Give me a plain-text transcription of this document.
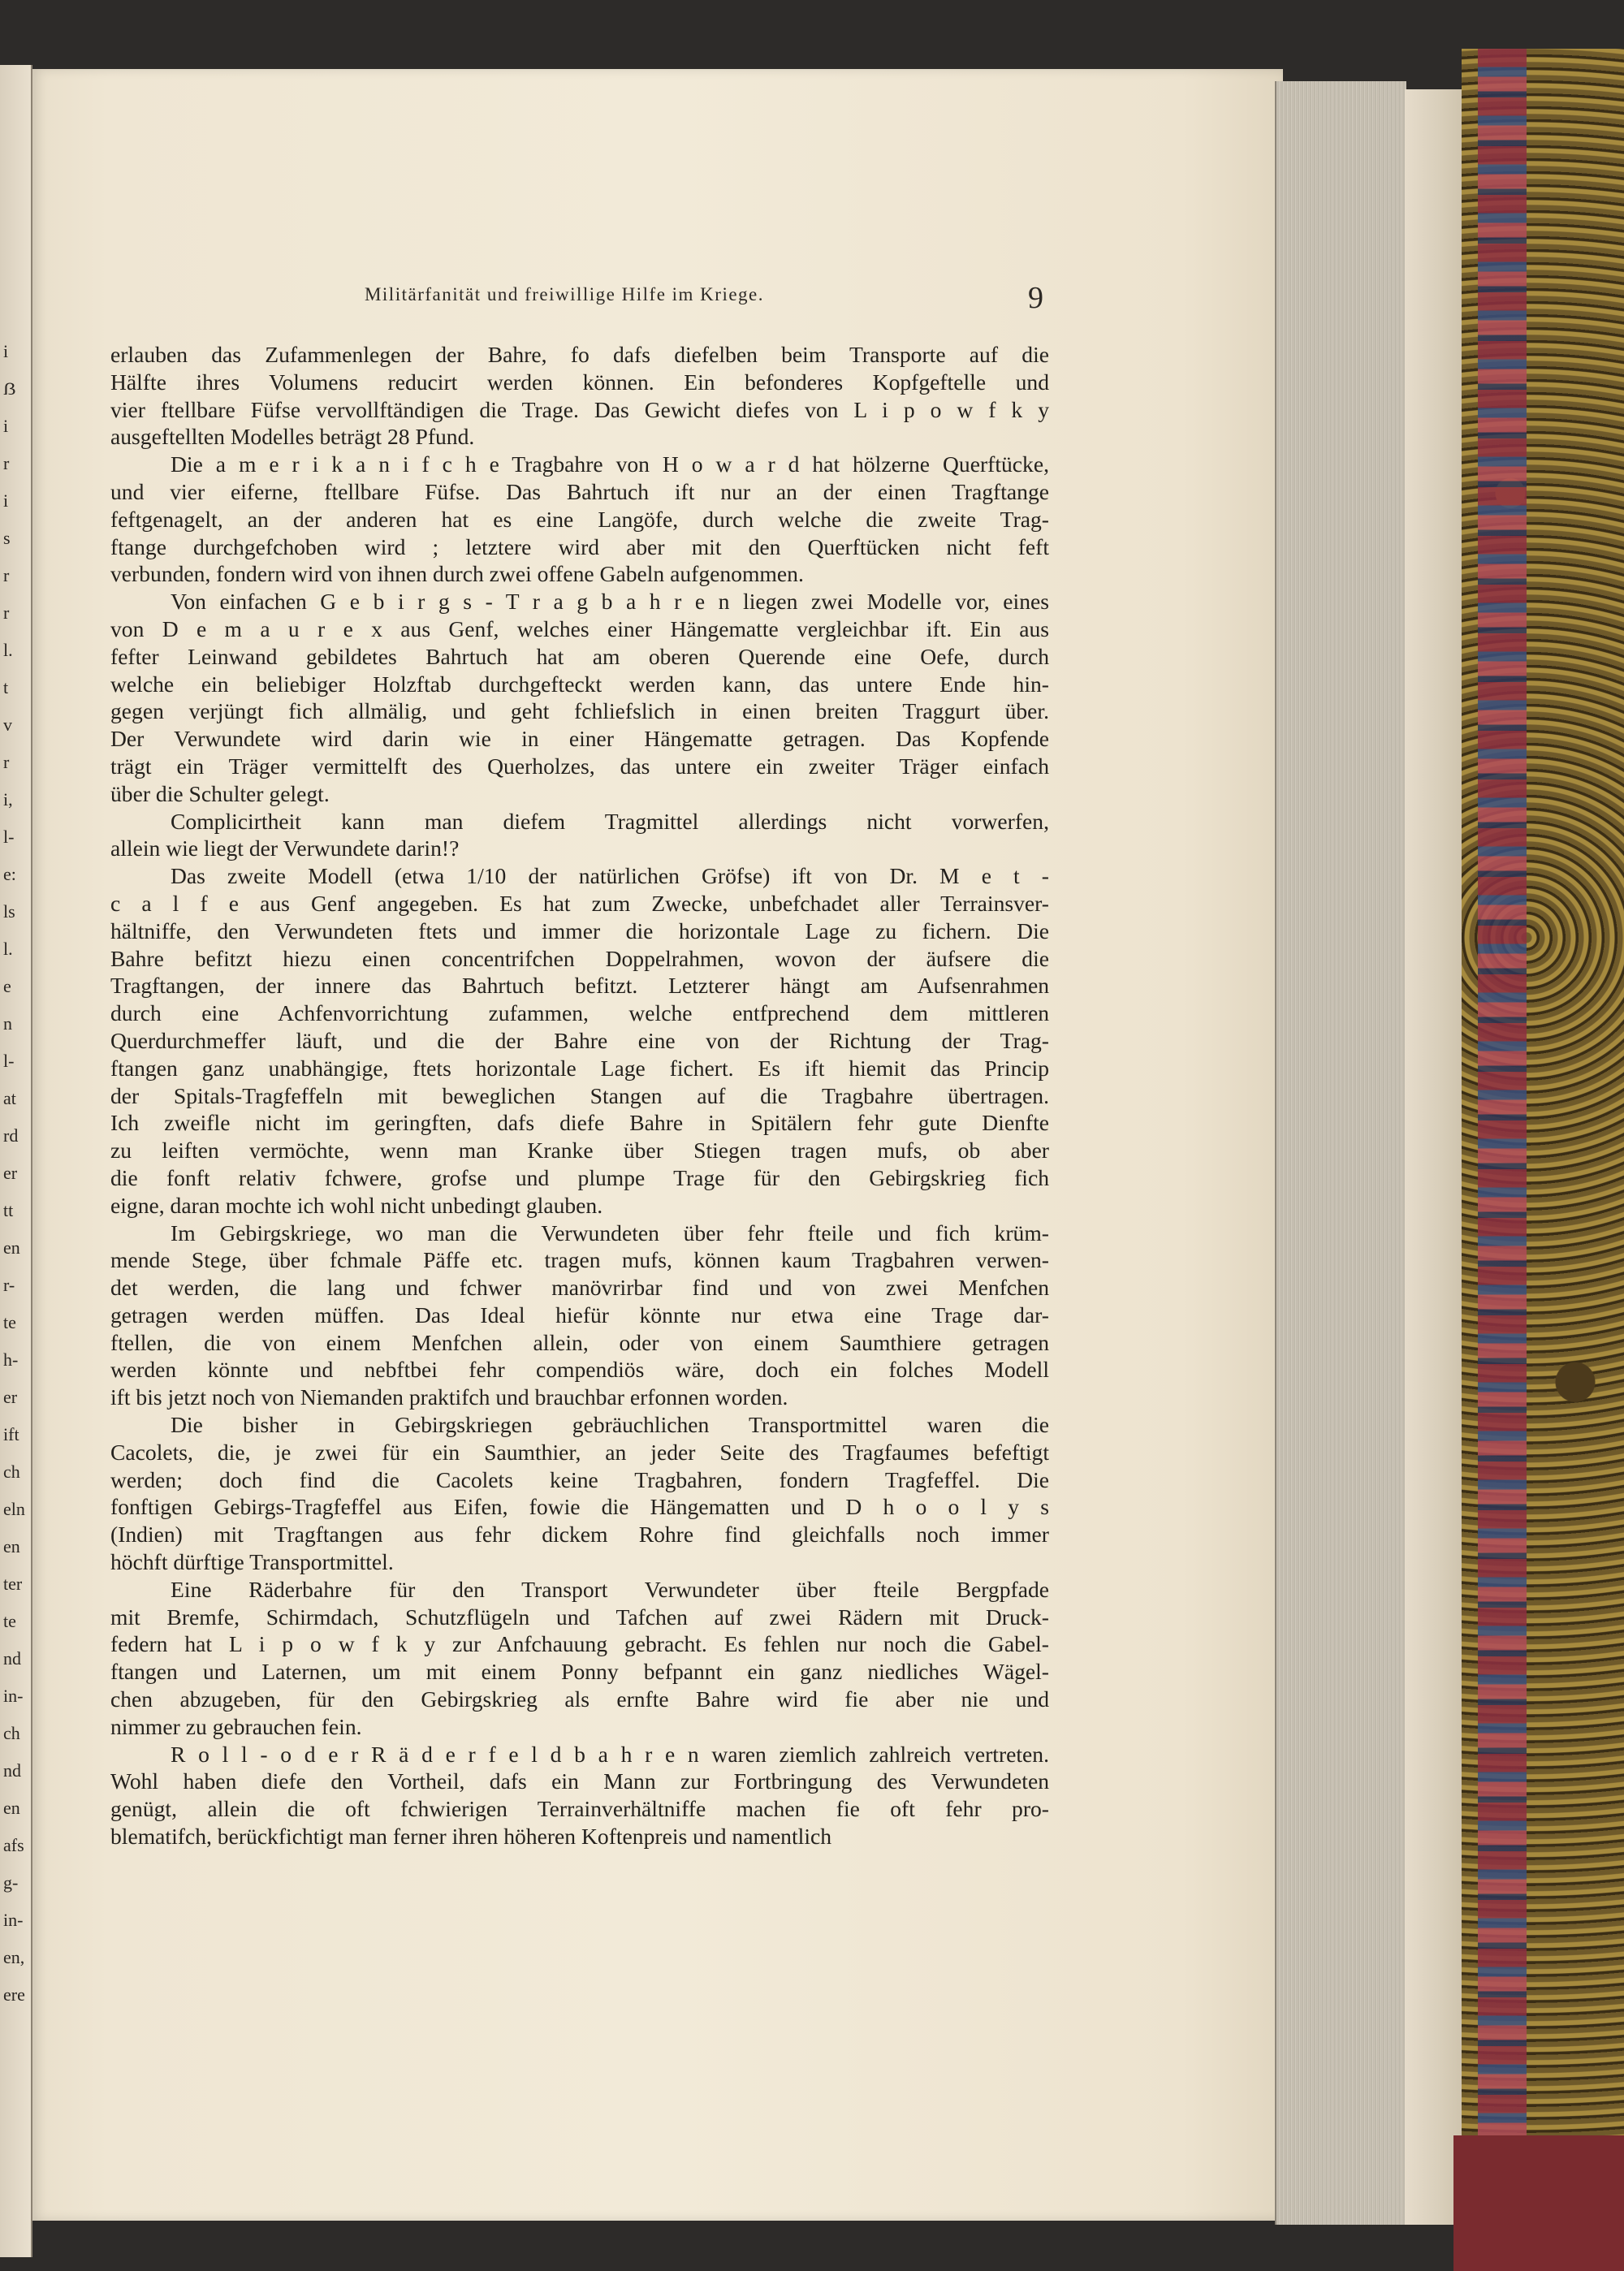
i
ẞ
i
r
i
s
r
r
l.
t
v
r
i,
l-
e:
ls
l.
e
n
l-
at
rd
er
tt
en
r-
te
h-
er
ift
ch
eln
en
ter
te
nd
in-
ch
nd
en
afs
g-
in-
en,
ere
Militärfanität und freiwillige Hilfe im Kriege.	9
erlauben das Zufammenlegen der Bahre, fo dafs diefelben beim Transporte auf die
Hälfte ihres Volumens reducirt werden können. Ein befonderes Kopfgeftelle und
vier ftellbare Füfse vervollftändigen die Trage. Das Gewicht diefes von L i p o w f k y
ausgeftellten Modelles beträgt 28 Pfund.
Die a m e r i k a n i f c h e Tragbahre von H o w a r d hat hölzerne Querftücke,
und vier eiferne, ftellbare Füfse. Das Bahrtuch ift nur an der einen Tragftange
feftgenagelt, an der anderen hat es eine Langöfe, durch welche die zweite Trag-
ftange durchgefchoben wird ; letztere wird aber mit den Querftücken nicht feft
verbunden, fondern wird von ihnen durch zwei offene Gabeln aufgenommen.
Von einfachen G e b i r g s - T r a g b a h r e n liegen zwei Modelle vor, eines
von D e m a u r e x aus Genf, welches einer Hängematte vergleichbar ift. Ein aus
fefter Leinwand gebildetes Bahrtuch hat am oberen Querende eine Oefe, durch
welche ein beliebiger Holzftab durchgefteckt werden kann, das untere Ende hin-
gegen verjüngt fich allmälig, und geht fchliefslich in einen breiten Traggurt über.
Der Verwundete wird darin wie in einer Hängematte getragen. Das Kopfende
trägt ein Träger vermittelft des Querholzes, das untere ein zweiter Träger einfach
über die Schulter gelegt.
Complicirtheit kann man diefem Tragmittel allerdings nicht vorwerfen,
allein wie liegt der Verwundete darin!?
Das zweite Modell (etwa 1/10 der natürlichen Gröfse) ift von Dr. M e t -
c a l f e aus Genf angegeben. Es hat zum Zwecke, unbefchadet aller Terrainsver-
hältniffe, den Verwundeten ftets und immer die horizontale Lage zu fichern. Die
Bahre befitzt hiezu einen concentrifchen Doppelrahmen, wovon der äufsere die
Tragftangen, der innere das Bahrtuch befitzt. Letzterer hängt am Aufsenrahmen
durch eine Achfenvorrichtung zufammen, welche entfprechend dem mittleren
Querdurchmeffer läuft, und die der Bahre eine von der Richtung der Trag-
ftangen ganz unabhängige, ftets horizontale Lage fichert. Es ift hiemit das Princip
der Spitals-Tragfeffeln mit beweglichen Stangen auf die Tragbahre übertragen.
Ich zweifle nicht im geringften, dafs diefe Bahre in Spitälern fehr gute Dienfte
zu leiften vermöchte, wenn man Kranke über Stiegen tragen mufs, ob aber
die fonft relativ fchwere, grofse und plumpe Trage für den Gebirgskrieg fich
eigne, daran mochte ich wohl nicht unbedingt glauben.
Im Gebirgskriege, wo man die Verwundeten über fehr fteile und fich krüm-
mende Stege, über fchmale Päffe etc. tragen mufs, können kaum Tragbahren verwen-
det werden, die lang und fchwer manövrirbar find und von zwei Menfchen
getragen werden müffen. Das Ideal hiefür könnte nur etwa eine Trage dar-
ftellen, die von einem Menfchen allein, oder von einem Saumthiere getragen
werden könnte und nebftbei fehr compendiös wäre, doch ein folches Modell
ift bis jetzt noch von Niemanden praktifch und brauchbar erfonnen worden.
Die bisher in Gebirgskriegen gebräuchlichen Transportmittel waren die
Cacolets, die, je zwei für ein Saumthier, an jeder Seite des Tragfaumes befeftigt
werden; doch find die Cacolets keine Tragbahren, fondern Tragfeffel. Die
fonftigen Gebirgs-Tragfeffel aus Eifen, fowie die Hängematten und D h o o l y s
(Indien) mit Tragftangen aus fehr dickem Rohre find gleichfalls noch immer
höchft dürftige Transportmittel.
Eine Räderbahre für den Transport Verwundeter über fteile Bergpfade
mit Bremfe, Schirmdach, Schutzflügeln und Tafchen auf zwei Rädern mit Druck-
federn hat L i p o w f k y zur Anfchauung gebracht. Es fehlen nur noch die Gabel-
ftangen und Laternen, um mit einem Ponny befpannt ein ganz niedliches Wägel-
chen abzugeben, für den Gebirgskrieg als ernfte Bahre wird fie aber nie und
nimmer zu gebrauchen fein.
R o l l - o d e r R ä d e r f e l d b a h r e n waren ziemlich zahlreich vertreten.
Wohl haben diefe den Vortheil, dafs ein Mann zur Fortbringung des Verwundeten
genügt, allein die oft fchwierigen Terrainverhältniffe machen fie oft fehr pro-
blematifch, berückfichtigt man ferner ihren höheren Koftenpreis und namentlich
